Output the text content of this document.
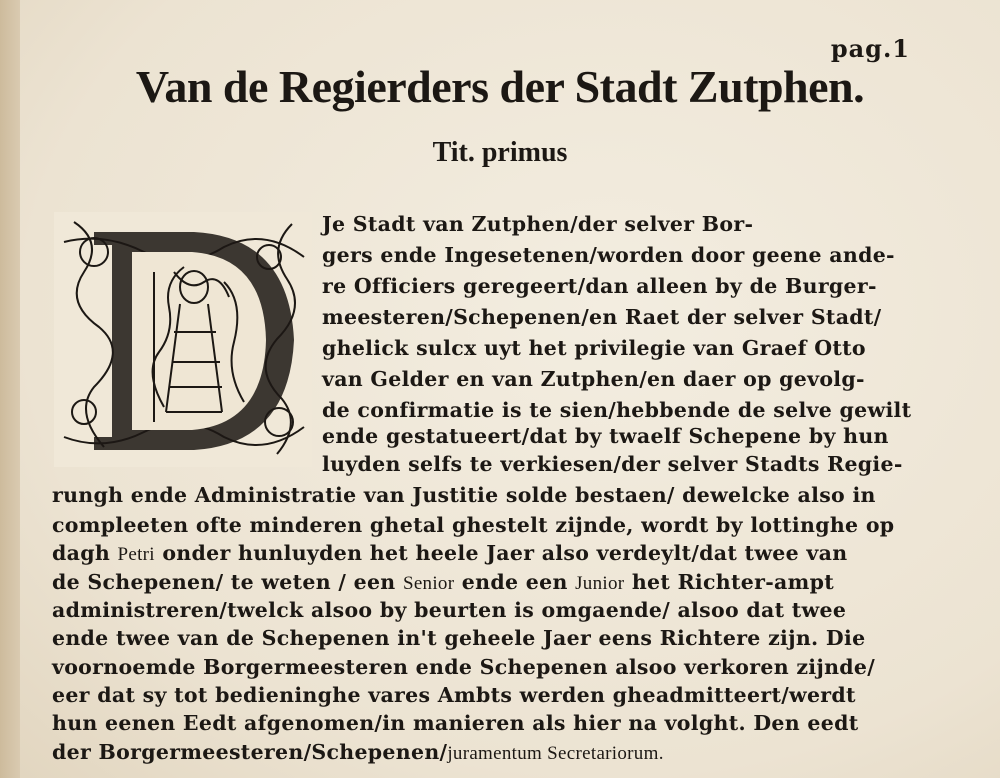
pag.1
Van de Regierders der Stadt Zutphen.
Tit. primus
Je Stadt van Zutphen/der selver Bor-
gers ende Ingesetenen/worden door geene ande-
re Officiers geregeert/dan alleen by de Burger-
meesteren/Schepenen/en Raet der selver Stadt/
ghelick sulcx uyt het privilegie van Graef Otto
van Gelder en van Zutphen/en daer op gevolg-
de confirmatie is te sien/hebbende de selve gewilt
ende gestatueert/dat by twaelf Schepene by hun
luyden selfs te verkiesen/der selver Stadts Regie-
rungh ende Administratie van Justitie solde bestaen/ dewelcke also in
compleeten ofte minderen ghetal ghestelt zijnde, wordt by lottinghe op
dagh Petri onder hunluyden het heele Jaer also verdeylt/dat twee van
de Schepenen/ te weten / een Senior ende een Junior het Richter-ampt
administreren/twelck alsoo by beurten is omgaende/ alsoo dat twee
ende twee van de Schepenen in't geheele Jaer eens Richtere zijn. Die
voornoemde Borgermeesteren ende Schepenen alsoo verkoren zijnde/
eer dat sy tot bedieninghe vares Ambts werden gheadmitteert/werdt
hun eenen Eedt afgenomen/in manieren als hier na volght. Den eedt
der Borgermeesteren/Schepenen/juramentum Secretariorum.
